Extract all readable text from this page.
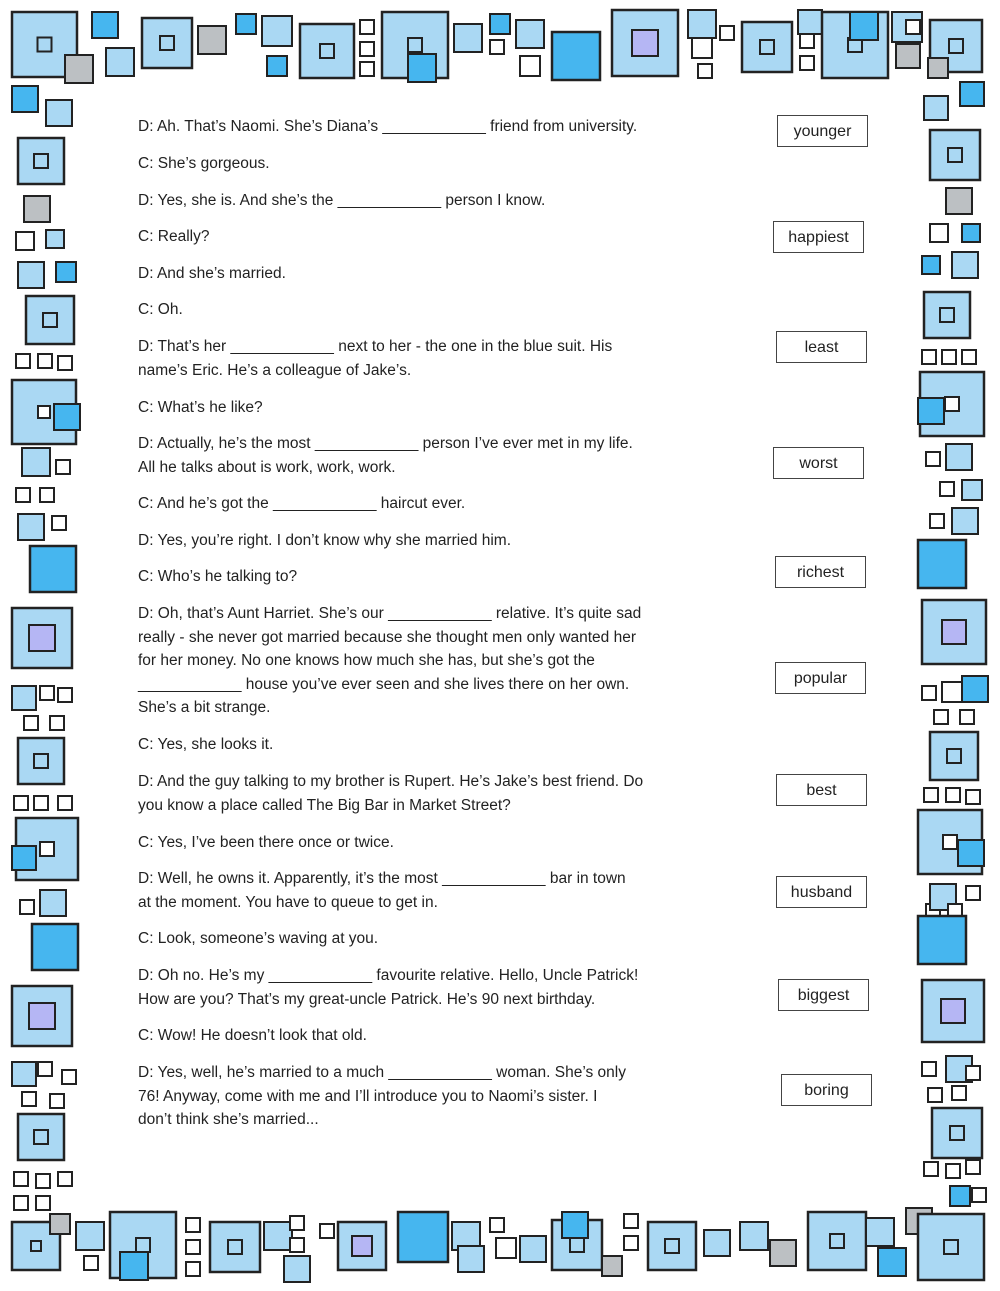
D: Ah. That’s Naomi. She’s Diana’s ____________ friend from university.

C: She’s gorgeous.

D: Yes, she is. And she’s the ____________ person I know.

C: Really?

D: And she’s married.

C: Oh.

D: That’s her ____________ next to her - the one in the blue suit. His
name’s Eric. He’s a colleague of Jake’s.

C: What’s he like?

D: Actually, he’s the most ____________ person I’ve ever met in my life.
All he talks about is work, work, work.

C: And he’s got the ____________ haircut ever.

D: Yes, you’re right. I don’t know why she married him.

C: Who’s he talking to?

D: Oh, that’s Aunt Harriet. She’s our ____________ relative. It’s quite sad
really - she never got married because she thought men only wanted her
for her money. No one knows how much she has, but she’s got the
____________ house you’ve ever seen and she lives there on her own.
She’s a bit strange.

C: Yes, she looks it.

D: And the guy talking to my brother is Rupert. He’s Jake’s best friend. Do
you know a place called The Big Bar in Market Street?

C: Yes, I’ve been there once or twice.

D: Well, he owns it. Apparently, it’s the most ____________ bar in town
at the moment. You have to queue to get in.

C: Look, someone’s waving at you.

D: Oh no. He’s my ____________ favourite relative. Hello, Uncle Patrick!
How are you? That’s my great-uncle Patrick. He’s 90 next birthday.

C: Wow! He doesn’t look that old.

D: Yes, well, he’s married to a much ____________ woman. She’s only
76! Anyway, come with me and I’ll introduce you to Naomi’s sister. I
don’t think she’s married...

younger
happiest
least
worst
richest
popular
best
husband
biggest
boring
